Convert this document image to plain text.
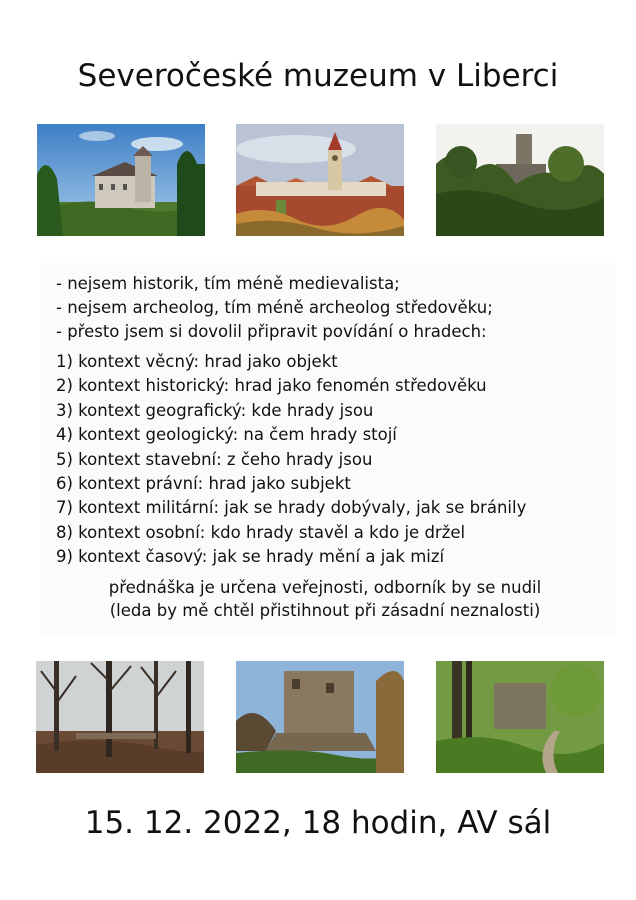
Severočeské muzeum v Liberci
- nejsem historik, tím méně medievalista;
- nejsem archeolog, tím méně archeolog středověku;
- přesto jsem si dovolil připravit povídání o hradech:
1) kontext věcný: hrad jako objekt
2) kontext historický: hrad jako fenomén středověku
3) kontext geografický: kde hrady jsou
4) kontext geologický: na čem hrady stojí
5) kontext stavební: z čeho hrady jsou
6) kontext právní: hrad jako subjekt
7) kontext militární: jak se hrady dobývaly, jak se bránily
8) kontext osobní: kdo hrady stavěl a kdo je držel
9) kontext časový: jak se hrady mění a jak mizí
přednáška je určena veřejnosti, odborník by se nudil
(leda by mě chtěl přistihnout při zásadní neznalosti)
15. 12. 2022, 18 hodin, AV sál
